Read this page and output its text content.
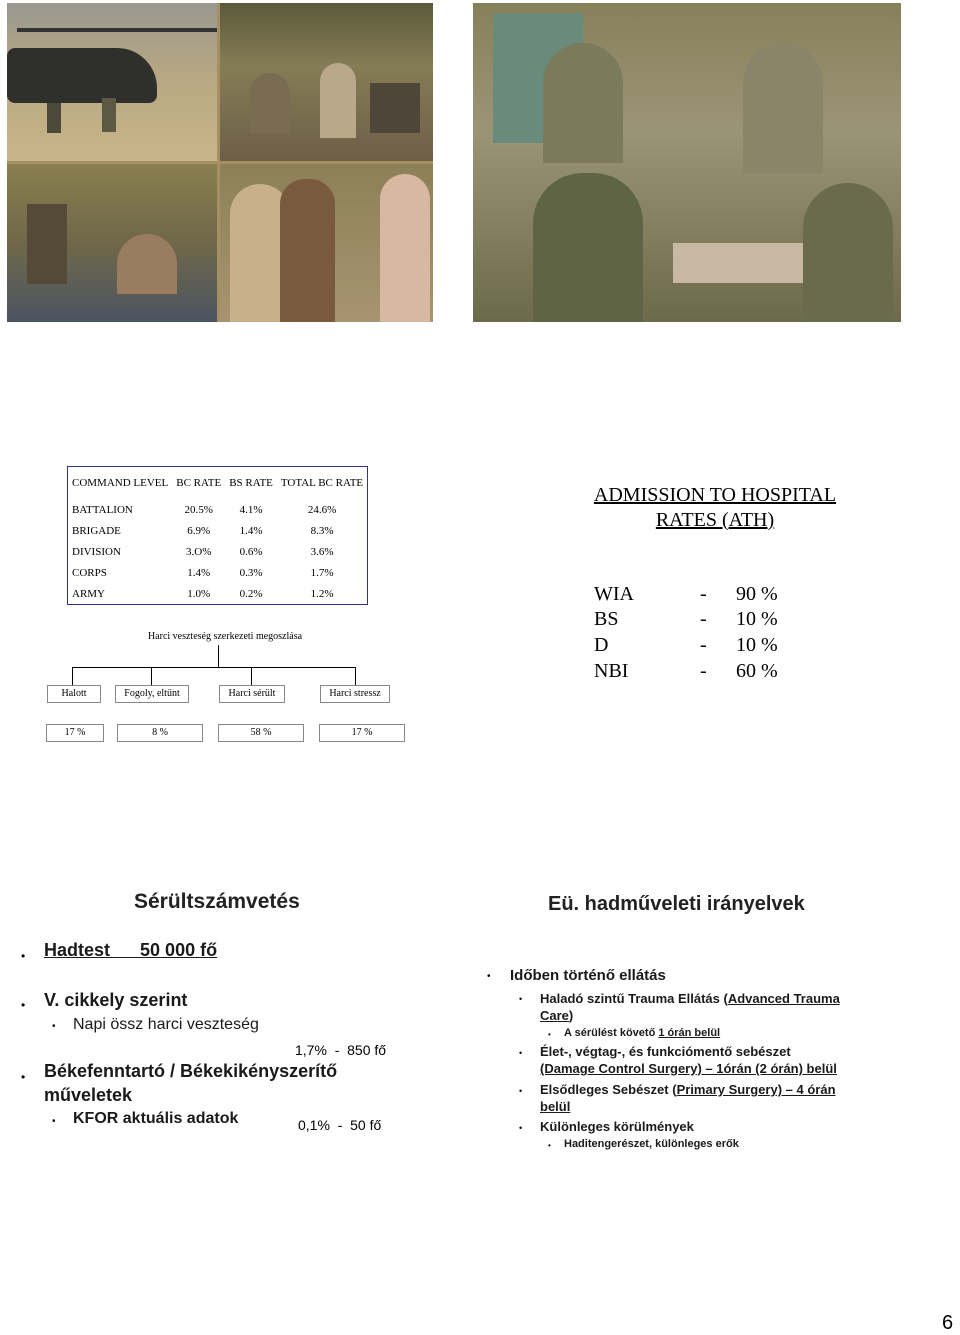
COMMAND LEVEL	BC RATE	BS RATE	TOTAL BC RATE
BATTALION	20.5%	4.1%	24.6%
BRIGADE	6.9%	1.4%	8.3%
DIVISION	3.O%	0.6%	3.6%
CORPS	1.4%	0.3%	1.7%
ARMY	1.0%	0.2%	1.2%
Harci veszteség szerkezeti megoszlása
Halott	Fogoly, eltűnt	Harci sérült	Harci stressz
17 %	8 %	58 %	17 %
ADMISSION TO HOSPITAL
RATES (ATH)
WIA	- 90 %
BS	- 10 %
D	- 10 %
NBI	- 60 %
Sérültszámvetés
• Hadtest 50 000 fő
• V. cikkely szerint
• Napi össz harci veszteség
1,7%  -  850 fő
• Békefenntartó / Békekikényszerítő
műveletek
• KFOR aktuális adatok	0,1%  -  50 fő
Eü. hadműveleti irányelvek
• Időben történő ellátás
• Haladó szintű Trauma Ellátás (Advanced Trauma
Care)
• A sérülést követő 1 órán belül
• Élet-, végtag-, és funkciómentő sebészet
(Damage Control Surgery) – 1órán (2 órán) belül
• Elsődleges Sebészet (Primary Surgery) – 4 órán
belül
• Különleges körülmények
• Haditengerészet, különleges erők
6
